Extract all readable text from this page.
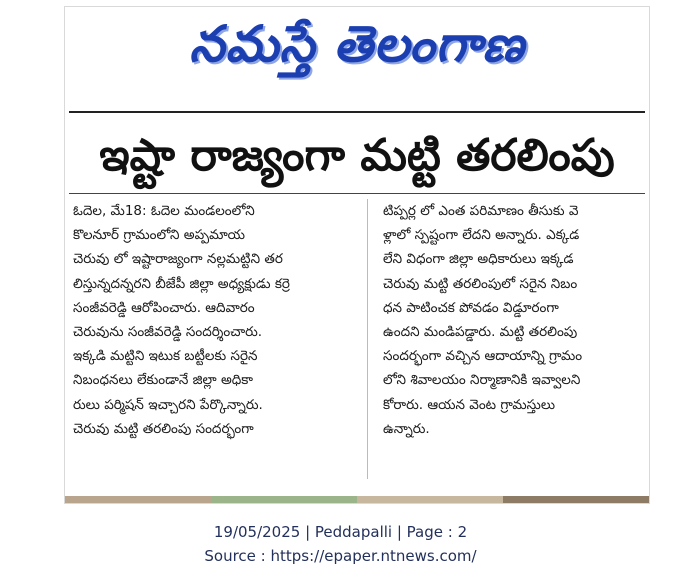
నమస్తే తెలంగాణ
ఇష్టా రాజ్యంగా మట్టి తరలింపు
ఓదెల, మే18: ఓదెల మండలంలోని
కొలనూర్ గ్రామంలోని అప్పమాయ
చెరువు లో ఇష్టారాజ్యంగా నల్లమట్టిని తర
లిస్తున్నదన్నరని బీజేపీ జిల్లా అధ్యక్షుడు కర్రె
సంజీవరెడ్డి ఆరోపించారు. ఆదివారం
చెరువును సంజీవరెడ్డి సందర్శించారు.
ఇక్కడి మట్టిని ఇటుక బట్టీలకు సరైన
నిబంధనలు లేకుండానే జిల్లా అధికా
రులు పర్మిషన్ ఇచ్చారని పేర్కొన్నారు.
చెరువు మట్టి తరలింపు సందర్భంగా
టిప్పర్ల లో ఎంత పరిమాణం తీసుకు వె
ళ్లాలో స్పష్టంగా లేదని అన్నారు. ఎక్కడ
లేని విధంగా జిల్లా అధికారులు ఇక్కడ
చెరువు మట్టి తరలింపులో సరైన నిబం
ధన పాటించక పోవడం విడ్డూరంగా
ఉందని మండిపడ్డారు. మట్టి తరలింపు
సందర్భంగా వచ్చిన ఆదాయాన్ని గ్రామం
లోని శివాలయం నిర్మాణానికి ఇవ్వాలని
కోరారు. ఆయన వెంట గ్రామస్తులు
ఉన్నారు.
19/05/2025 | Peddapalli | Page : 2
Source : https://epaper.ntnews.com/
